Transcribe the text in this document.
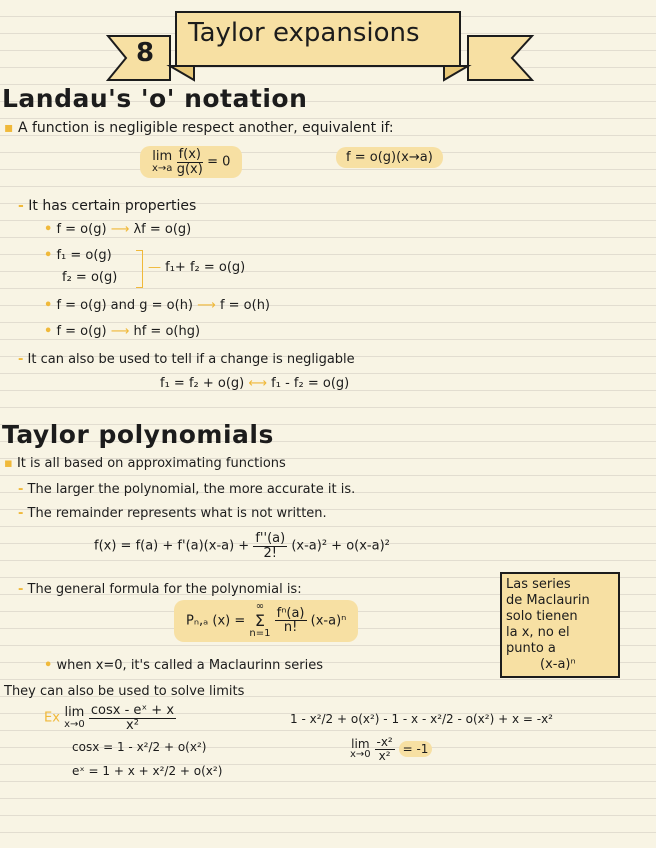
8
Taylor expansions
Landau's 'o' notation
▪ A function is negligible respect another, equivalent if:
lim
x→a
$\frac{f(x)}{g(x)} = 0$	f = o(g)(x→a)
- It has certain properties
• f = o(g) ⟶ λf = o(g)
• f₁ = o(g)
f₂ = o(g)
— f₁+ f₂ = o(g)
• f = o(g) and g = o(h) ⟶ f = o(h)
• f = o(g) ⟶ hf = o(hg)
- It can also be used to tell if a change is negligable
f₁ = f₂ + o(g) ⟷ f₁ - f₂ = o(g)
Taylor polynomials
▪ It is all based on approximating functions
- The larger the polynomial, the more accurate it is.
- The remainder represents what is not written.
$f(x) = f(a) + f'(a)(x-a) + \frac{f''(a)}{2!} (x-a)^2 + o(x-a)^2$
- The general formula for the polynomial is:
Pₙ,ₐ (x) =
∞
Σ
n=1
$\frac{\text{fⁿ(a)}}{n!} (x-a)^n$
• when x=0, it's called a Maclaurinn series
Las series
de Maclaurin
solo tienen
la x, no el
punto a
(x-a)ⁿ
They can also be used to solve limits
Ex lim
x→0
$\frac{\text{cosx - eˣ + x}}{\text{x²}}$
cosx = 1 - x²/2 + o(x²)
eˣ = 1 + x + x²/2 + o(x²)
1 - x²/2 + o(x²) - 1 - x - x²/2 - o(x²) + x = -x²
lim
x→0
$\frac{\text{-x²}}{\text{x²}} = -1$
